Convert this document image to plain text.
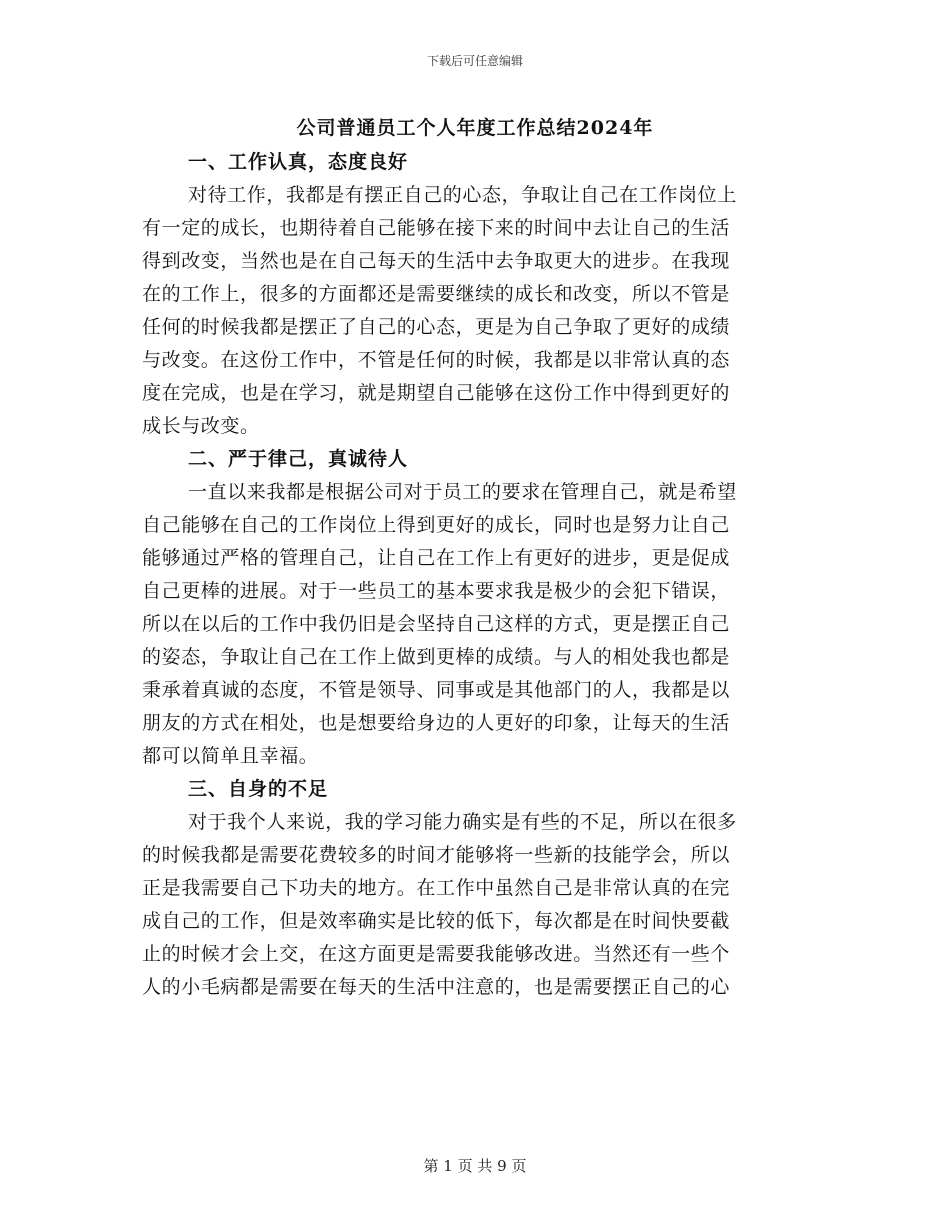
下载后可任意编辑
公司普通员工个人年度工作总结2024年
一、工作认真，态度良好

对待工作，我都是有摆正自己的心态，争取让自己在工作岗位上
有一定的成长，也期待着自己能够在接下来的时间中去让自己的生活
得到改变，当然也是在自己每天的生活中去争取更大的进步。在我现
在的工作上，很多的方面都还是需要继续的成长和改变，所以不管是
任何的时候我都是摆正了自己的心态，更是为自己争取了更好的成绩
与改变。在这份工作中，不管是任何的时候，我都是以非常认真的态
度在完成，也是在学习，就是期望自己能够在这份工作中得到更好的
成长与改变。

二、严于律己，真诚待人

一直以来我都是根据公司对于员工的要求在管理自己，就是希望
自己能够在自己的工作岗位上得到更好的成长，同时也是努力让自己
能够通过严格的管理自己，让自己在工作上有更好的进步，更是促成
自己更棒的进展。对于一些员工的基本要求我是极少的会犯下错误，
所以在以后的工作中我仍旧是会坚持自己这样的方式，更是摆正自己
的姿态，争取让自己在工作上做到更棒的成绩。与人的相处我也都是
秉承着真诚的态度，不管是领导、同事或是其他部门的人，我都是以
朋友的方式在相处，也是想要给身边的人更好的印象，让每天的生活
都可以简单且幸福。

三、自身的不足

对于我个人来说，我的学习能力确实是有些的不足，所以在很多
的时候我都是需要花费较多的时间才能够将一些新的技能学会，所以
正是我需要自己下功夫的地方。在工作中虽然自己是非常认真的在完
成自己的工作，但是效率确实是比较的低下，每次都是在时间快要截
止的时候才会上交，在这方面更是需要我能够改进。当然还有一些个
人的小毛病都是需要在每天的生活中注意的，也是需要摆正自己的心

第 1 页 共 9 页
